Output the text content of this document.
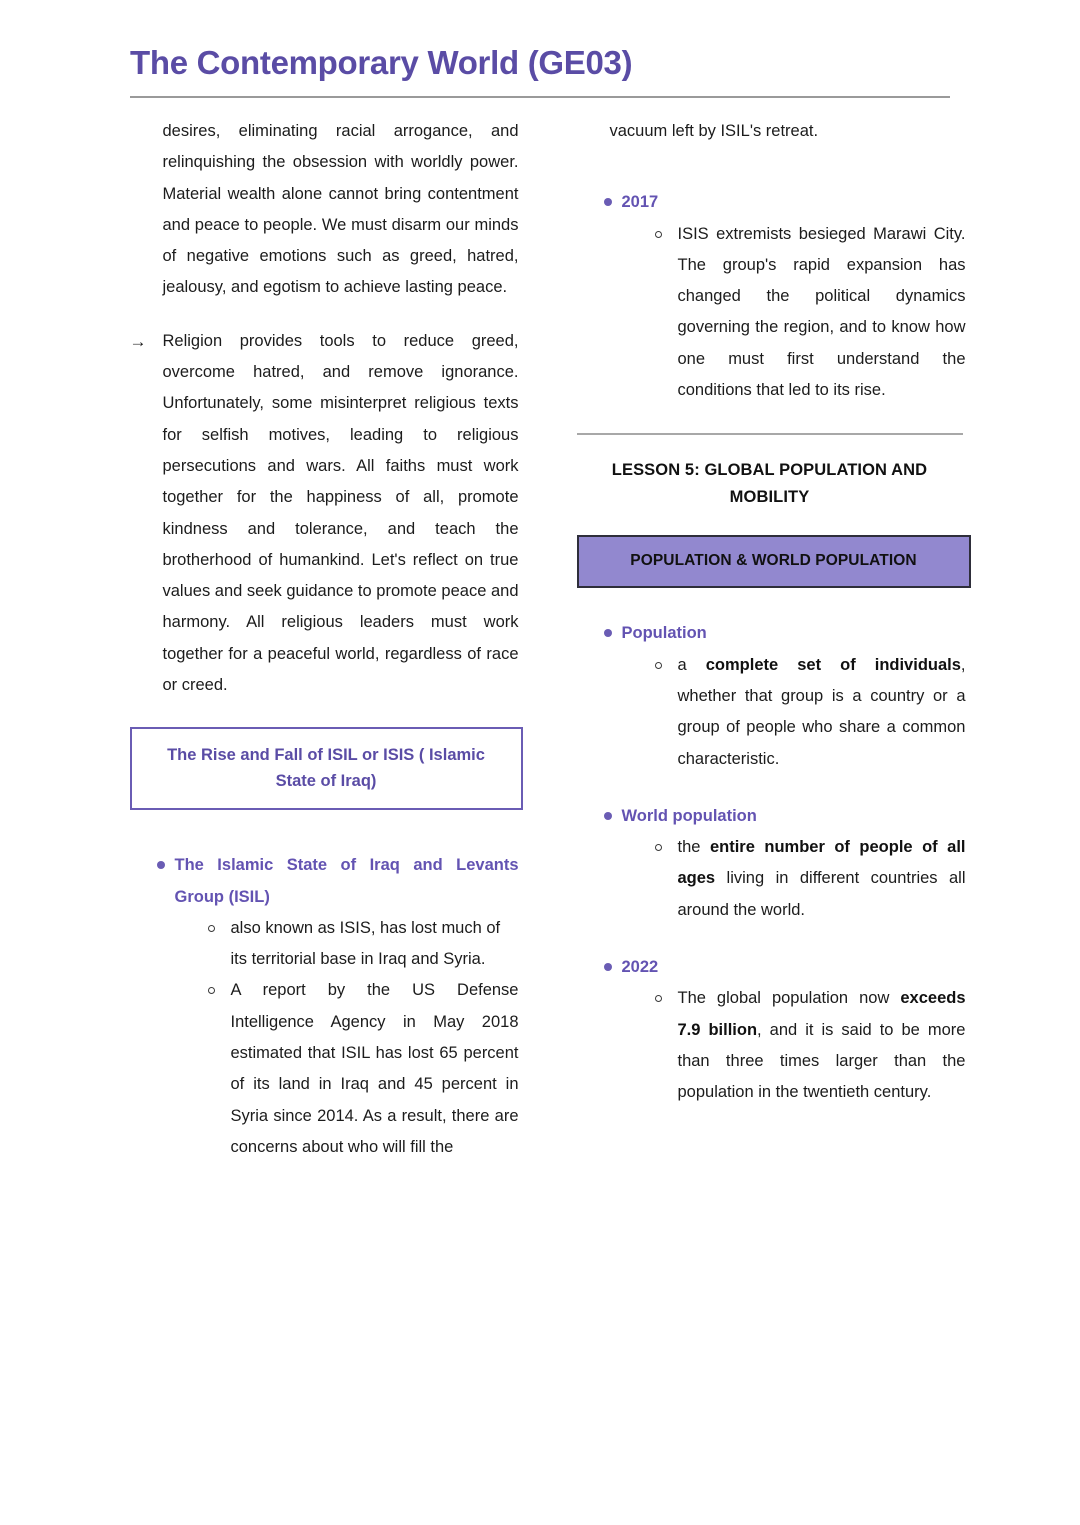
The Contemporary World (GE03)
desires, eliminating racial arrogance, and relinquishing the obsession with worldly power. Material wealth alone cannot bring contentment and peace to people. We must disarm our minds of negative emotions such as greed, hatred, jealousy, and egotism to achieve lasting peace.
→ Religion provides tools to reduce greed, overcome hatred, and remove ignorance. Unfortunately, some misinterpret religious texts for selfish motives, leading to religious persecutions and wars. All faiths must work together for the happiness of all, promote kindness and tolerance, and teach the brotherhood of humankind. Let's reflect on true values and seek guidance to promote peace and harmony. All religious leaders must work together for a peaceful world, regardless of race or creed.
The Rise and Fall of ISIL or ISIS ( Islamic State of Iraq)
The Islamic State of Iraq and Levants Group (ISIL)
also known as ISIS, has lost much of its territorial base in Iraq and Syria.
A report by the US Defense Intelligence Agency in May 2018 estimated that ISIL has lost 65 percent of its land in Iraq and 45 percent in Syria since 2014. As a result, there are concerns about who will fill the
vacuum left by ISIL's retreat.
2017
ISIS extremists besieged Marawi City. The group's rapid expansion has changed the political dynamics governing the region, and to know how one must first understand the conditions that led to its rise.
LESSON 5: GLOBAL POPULATION AND MOBILITY
POPULATION & WORLD POPULATION
Population
a complete set of individuals, whether that group is a country or a group of people who share a common characteristic.
World population
the entire number of people of all ages living in different countries all around the world.
2022
The global population now exceeds 7.9 billion, and it is said to be more than three times larger than the population in the twentieth century.
